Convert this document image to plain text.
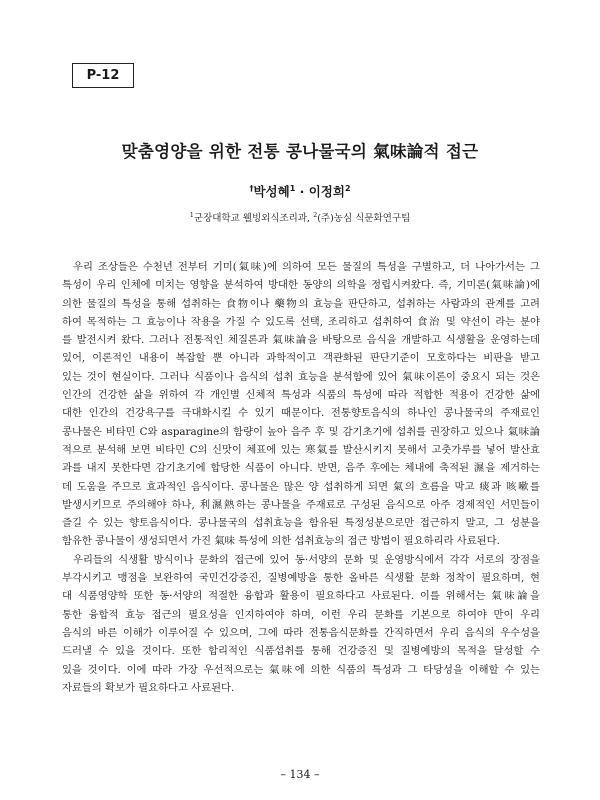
P-12
맞춤영양을 위한 전통 콩나물국의 氣味論적 접근
†박성혜$^1$ · 이정희$^2$
$^1$군장대학교 웰빙외식조리과, $^2$(주)농심 식문화연구팀
우리 조상들은 수천년 전부터 기미(氣味)에 의하여 모든 물질의 특성을 구별하고, 더 나아가서는 그
특성이 우리 인체에 미치는 영향을 분석하여 방대한 동양의 의학을 정립시켜왔다. 즉, 기미론(氣味論)에
의한 물질의 특성을 통해 섭취하는 食物이나 藥物의 효능을 판단하고, 섭취하는 사람과의 관계를 고려
하여 목적하는 그 효능이나 작용을 가질 수 있도록 선택, 조리하고 섭취하여 食治 및 약선이 라는 분야
를 발전시켜 왔다. 그러나 전통적인 체질론과 氣味論을 바탕으로 음식을 개발하고 식생활을 운영하는데
있어, 이론적인 내용이 복잡할 뿐 아니라 과학적이고 객관화된 판단기준이 모호하다는 비판을 받고
있는 것이 현실이다. 그러나 식품이나 음식의 섭취 효능을 분석함에 있어 氣味이론이 중요시 되는 것은
인간의 건강한 삶을 위하여 각 개인별 신체적 특성과 식품의 특성에 따라 적합한 적용이 건강한 삶에
대한 인간의 건강욕구를 극대화시킬 수 있기 때문이다. 전통향토음식의 하나인 콩나물국의 주재료인
콩나물은 비타민 C와 asparagine의 함량이 높아 음주 후 및 감기초기에 섭취를 권장하고 있으나 氣味論
적으로 분석해 보면 비타민 C의 신맛이 체표에 있는 寒氣를 발산시키지 못해서 고춧가루를 넣어 발산효
과를 내지 못한다면 감기초기에 합당한 식품이 아니다. 반면, 음주 후에는 체내에 축적된 濕을 제거하는
데 도움을 주므로 효과적인 음식이다. 콩나물은 많은 양 섭취하게 되면 氣의 흐름을 막고 痰과 咳嗽를
발생시키므로 주의해야 하나, 利濕熱하는 콩나물을 주재료로 구성된 음식으로 아주 경제적인 서민들이
즐길 수 있는 향토음식이다. 콩나물국의 섭취효능을 함유된 특정성분으로만 접근하지 말고, 그 성분을
함유한 콩나물이 생성되면서 가진 氣味 특성에 의한 섭취효능의 접근 방법이 필요하리라 사료된다.
우리들의 식생활 방식이나 문화의 접근에 있어 동·서양의 문화 및 운영방식에서 각각 서로의 장점을
부각시키고 맹점을 보완하여 국민건강증진, 질병예방을 통한 올바른 식생활 문화 정착이 필요하며, 현
대 식품영양학 또한 동·서양의 적절한 융합과 활용이 필요하다고 사료된다. 이를 위해서는 氣味論을
통한 융합적 효능 접근의 필요성을 인지하여야 하며, 이런 우리 문화를 기본으로 하여야 만이 우리
음식의 바른 이해가 이루어질 수 있으며, 그에 따라 전통음식문화를 간직하면서 우리 음식의 우수성을
드러낼 수 있을 것이다. 또한 합리적인 식품섭취를 통해 건강증진 및 질병예방의 목적을 달성할 수
있을 것이다. 이에 따라 가장 우선적으로는 氣味에 의한 식품의 특성과 그 타당성을 이해할 수 있는
자료들의 확보가 필요하다고 사료된다.
– 134 –
